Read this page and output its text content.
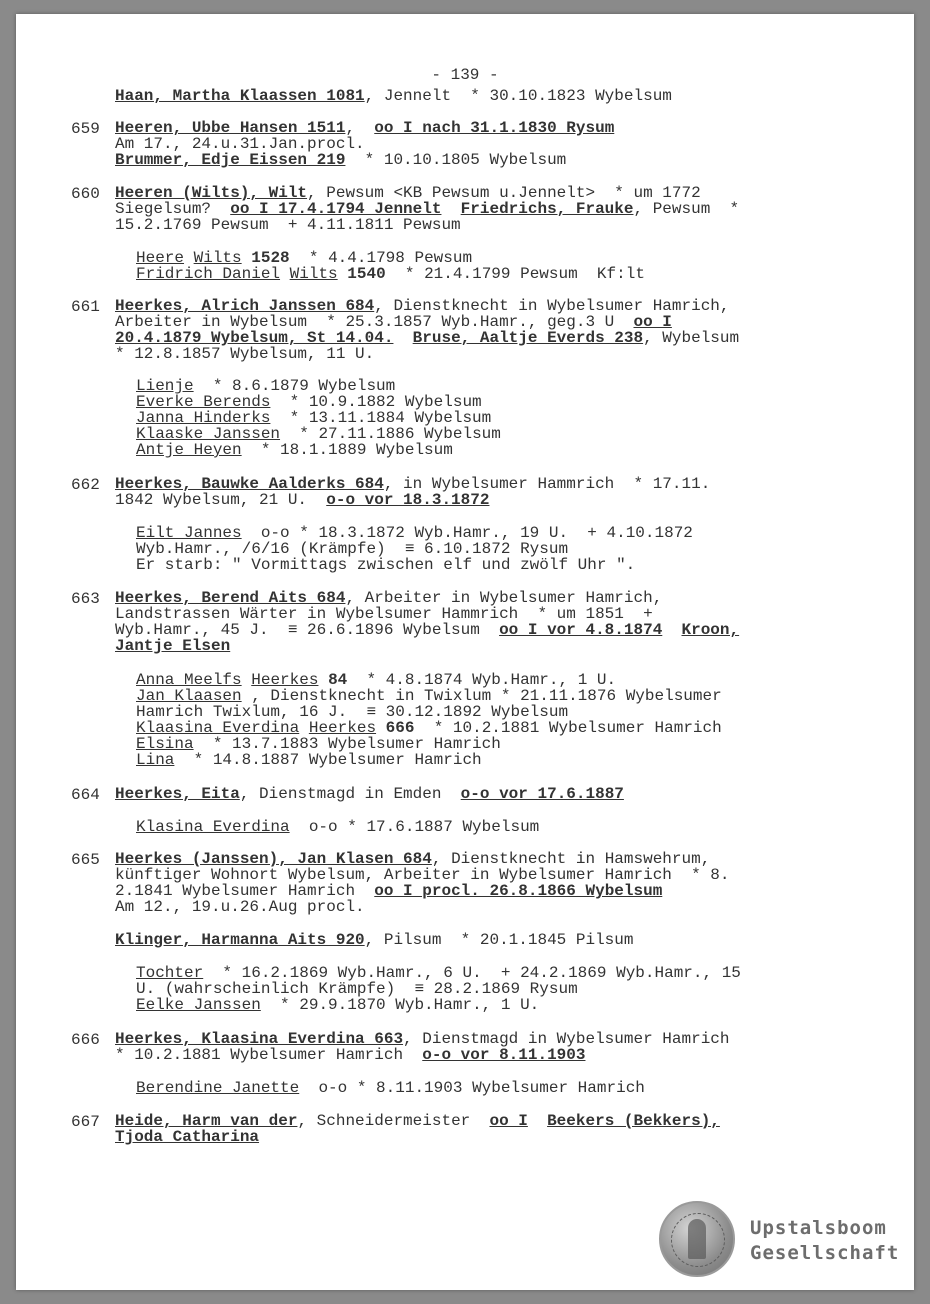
- 139 -
Haan, Martha Klaassen 1081, Jennelt  * 30.10.1823 Wybelsum
659 Heeren, Ubbe Hansen 1511,  oo I nach 31.1.1830 Rysum
Am 17., 24.u.31.Jan.procl.
Brummer, Edje Eissen 219  * 10.10.1805 Wybelsum
660 Heeren (Wilts), Wilt, Pewsum <KB Pewsum u.Jennelt>  * um 1772
Siegelsum?  oo I 17.4.1794 Jennelt Friedrichs, Frauke, Pewsum  *
15.2.1769 Pewsum  + 4.11.1811 Pewsum
Heere Wilts 1528  * 4.4.1798 Pewsum
Fridrich Daniel Wilts 1540  * 21.4.1799 Pewsum  Kf:lt
661 Heerkes, Alrich Janssen 684, Dienstknecht in Wybelsumer Hamrich,
Arbeiter in Wybelsum  * 25.3.1857 Wyb.Hamr., geg.3 U  oo I
20.4.1879 Wybelsum, St 14.04. Bruse, Aaltje Everds 238, Wybelsum
* 12.8.1857 Wybelsum, 11 U.
Lienje  * 8.6.1879 Wybelsum
Everke Berends  * 10.9.1882 Wybelsum
Janna Hinderks  * 13.11.1884 Wybelsum
Klaaske Janssen  * 27.11.1886 Wybelsum
Antje Heyen  * 18.1.1889 Wybelsum
662 Heerkes, Bauwke Aalderks 684, in Wybelsumer Hammrich  * 17.11.
1842 Wybelsum, 21 U.  o-o vor 18.3.1872
Eilt Jannes  o-o * 18.3.1872 Wyb.Hamr., 19 U.  + 4.10.1872
Wyb.Hamr., /6/16 (Krämpfe)  ≡ 6.10.1872 Rysum
Er starb: " Vormittags zwischen elf und zwölf Uhr ".
663 Heerkes, Berend Aits 684, Arbeiter in Wybelsumer Hamrich,
Landstrassen Wärter in Wybelsumer Hammrich  * um 1851  +
Wyb.Hamr., 45 J.  ≡ 26.6.1896 Wybelsum  oo I vor 4.8.1874 Kroon,
Jantje Elsen
Anna Meelfs Heerkes 84  * 4.8.1874 Wyb.Hamr., 1 U.
Jan Klaasen , Dienstknecht in Twixlum * 21.11.1876 Wybelsumer
Hamrich Twixlum, 16 J.  ≡ 30.12.1892 Wybelsum
Klaasina Everdina Heerkes 666  * 10.2.1881 Wybelsumer Hamrich
Elsina  * 13.7.1883 Wybelsumer Hamrich
Lina  * 14.8.1887 Wybelsumer Hamrich
664 Heerkes, Eita, Dienstmagd in Emden  o-o vor 17.6.1887
Klasina Everdina  o-o * 17.6.1887 Wybelsum
665 Heerkes (Janssen), Jan Klasen 684, Dienstknecht in Hamswehrum,
künftiger Wohnort Wybelsum, Arbeiter in Wybelsumer Hamrich  * 8.
2.1841 Wybelsumer Hamrich  oo I procl. 26.8.1866 Wybelsum
Am 12., 19.u.26.Aug procl.
Klinger, Harmanna Aits 920, Pilsum  * 20.1.1845 Pilsum
Tochter  * 16.2.1869 Wyb.Hamr., 6 U.  + 24.2.1869 Wyb.Hamr., 15
U. (wahrscheinlich Krämpfe)  ≡ 28.2.1869 Rysum
Eelke Janssen  * 29.9.1870 Wyb.Hamr., 1 U.
666 Heerkes, Klaasina Everdina 663, Dienstmagd in Wybelsumer Hamrich
* 10.2.1881 Wybelsumer Hamrich  o-o vor 8.11.1903
Berendine Janette  o-o * 8.11.1903 Wybelsumer Hamrich
667 Heide, Harm van der, Schneidermeister  oo I Beekers (Bekkers),
Tjoda Catharina
Upstalsboom
Gesellschaft
